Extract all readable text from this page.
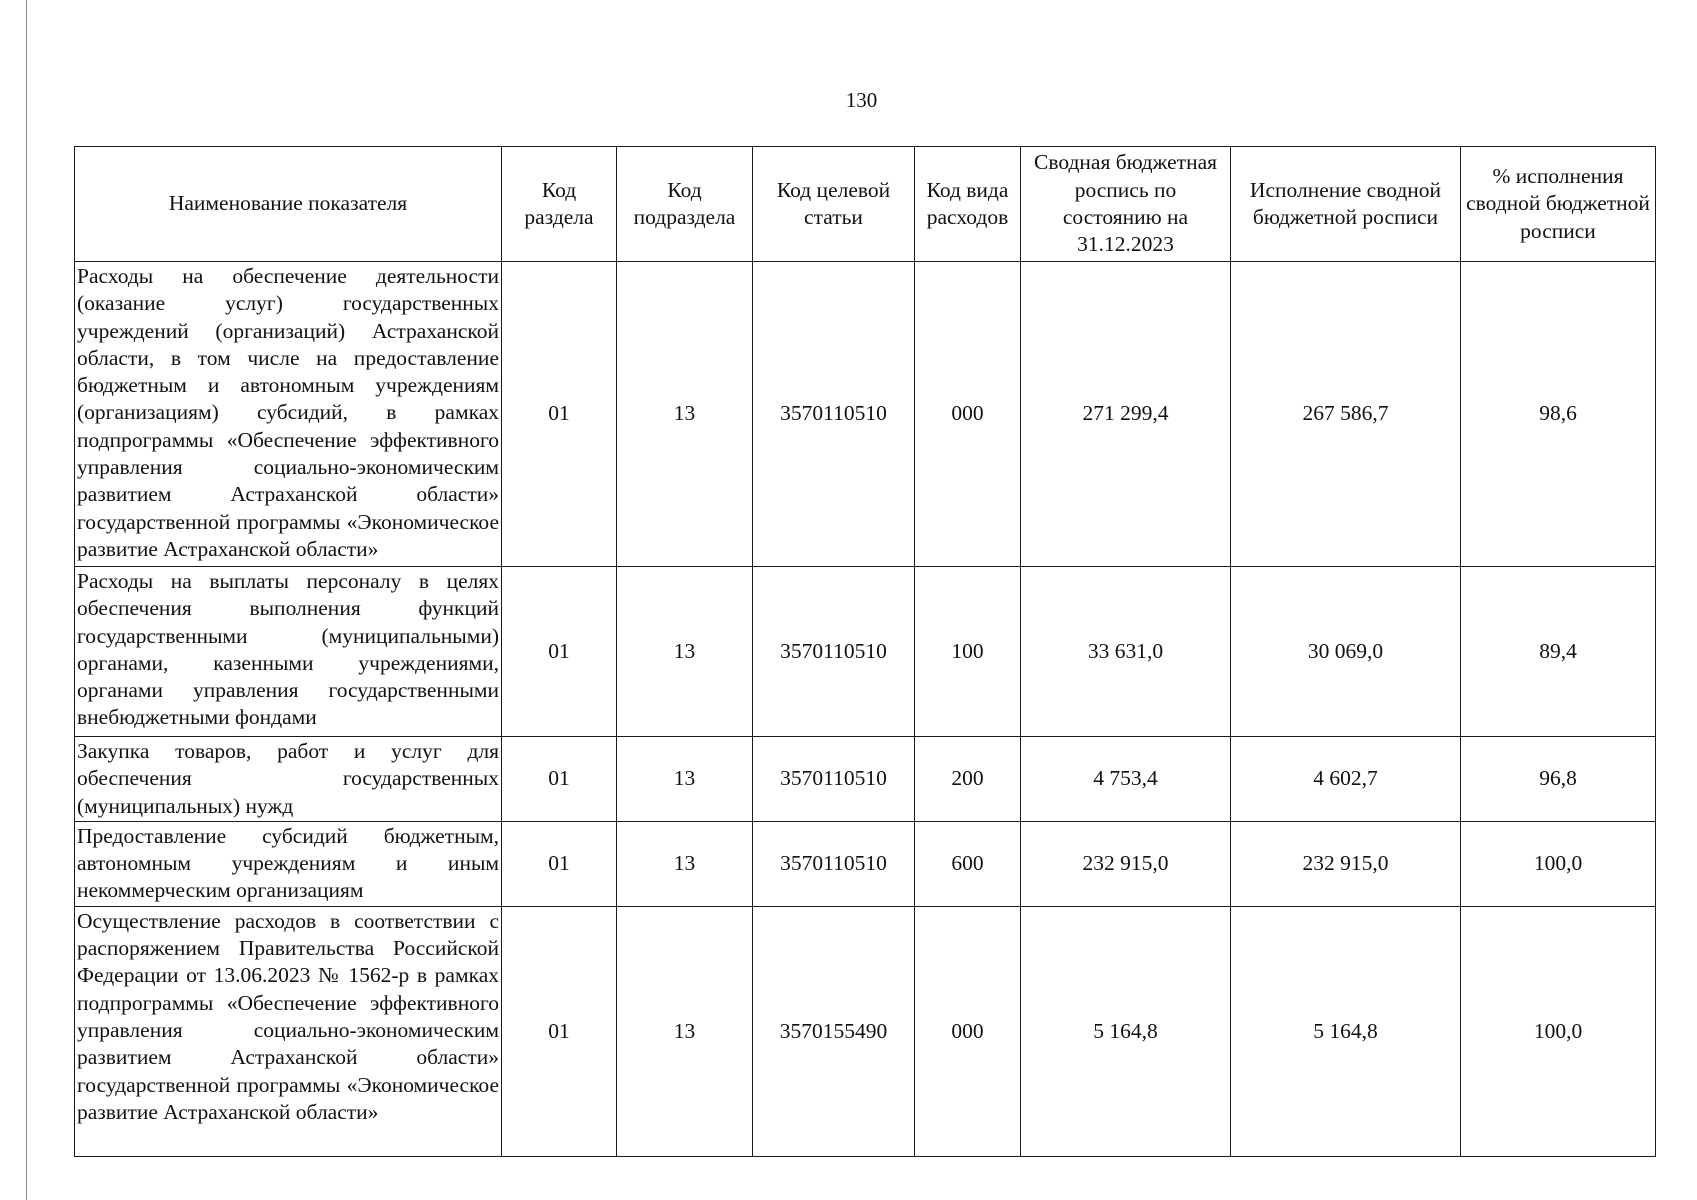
130
Наименование показателя	Код раздела	Код подраздела	Код целевой статьи	Код вида расходов	Сводная бюджетная роспись по состоянию на 31.12.2023	Исполнение сводной бюджетной росписи	% исполнения сводной бюджетной росписи
Расходы на обеспечение деятельности (оказание услуг) государственных учреждений (организаций) Астраханской области, в том числе на предоставление бюджетным и автономным учреждениям (организациям) субсидий, в рамках подпрограммы «Обеспечение эффективного управления социально-экономическим развитием Астраханской области» государственной программы «Экономическое развитие Астраханской области»	01	13	3570110510	000	271 299,4	267 586,7	98,6
Расходы на выплаты персоналу в целях обеспечения выполнения функций государственными (муниципальными) органами, казенными учреждениями, органами управления государственными внебюджетными фондами	01	13	3570110510	100	33 631,0	30 069,0	89,4
Закупка товаров, работ и услуг для обеспечения государственных (муниципальных) нужд	01	13	3570110510	200	4 753,4	4 602,7	96,8
Предоставление субсидий бюджетным, автономным учреждениям и иным некоммерческим организациям	01	13	3570110510	600	232 915,0	232 915,0	100,0
Осуществление расходов в соответствии с распоряжением Правительства Российской Федерации от 13.06.2023 № 1562-р в рамках подпрограммы «Обеспечение эффективного управления социально-экономическим развитием Астраханской области» государственной программы «Экономическое развитие Астраханской области»	01	13	3570155490	000	5 164,8	5 164,8	100,0
